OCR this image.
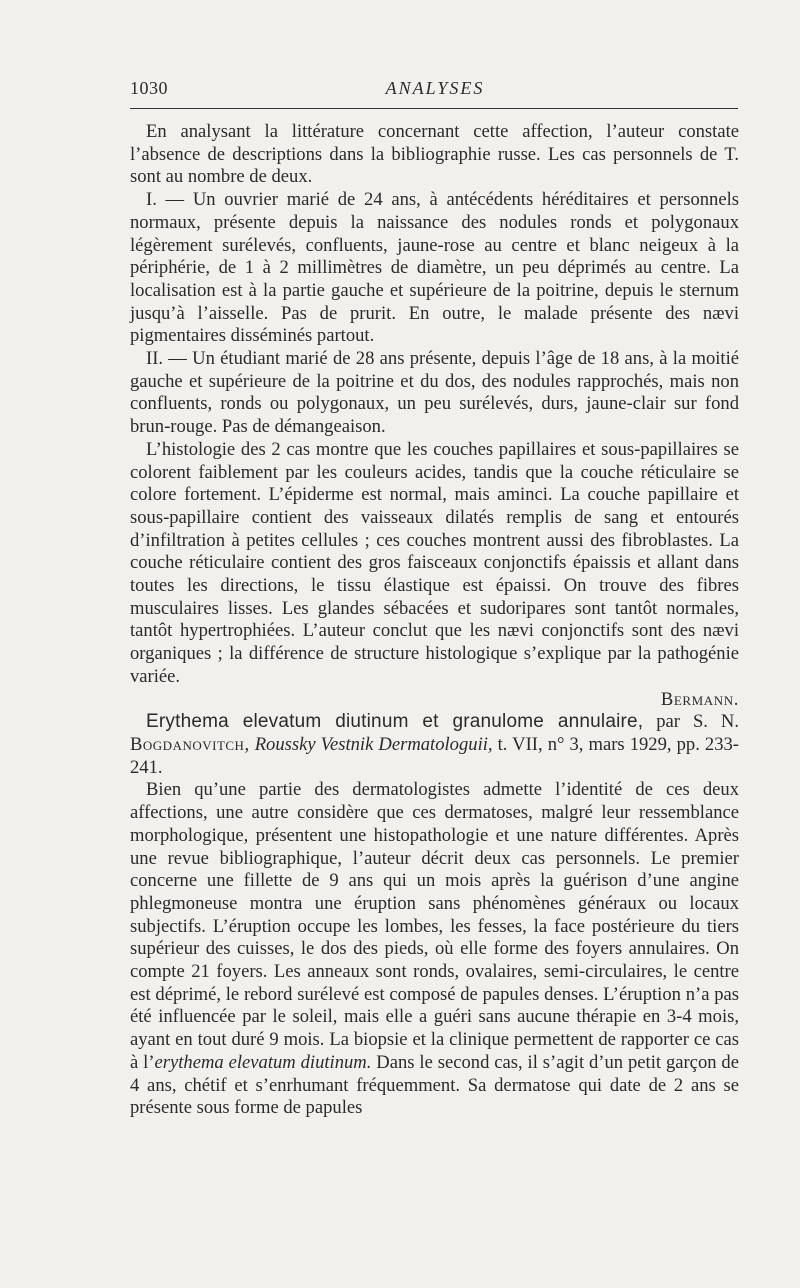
1030	ANALYSES

En analysant la littérature concernant cette affection, l’auteur constate l’absence de descriptions dans la bibliographie russe. Les cas personnels de T. sont au nombre de deux.

I. — Un ouvrier marié de 24 ans, à antécédents héréditaires et personnels normaux, présente depuis la naissance des nodules ronds et polygonaux légèrement surélevés, confluents, jaune-rose au centre et blanc neigeux à la périphérie, de 1 à 2 millimètres de diamètre, un peu déprimés au centre. La localisation est à la partie gauche et supérieure de la poitrine, depuis le sternum jusqu’à l’aisselle. Pas de prurit. En outre, le malade présente des nævi pigmentaires disséminés partout.

II. — Un étudiant marié de 28 ans présente, depuis l’âge de 18 ans, à la moitié gauche et supérieure de la poitrine et du dos, des nodules rapprochés, mais non confluents, ronds ou polygonaux, un peu surélevés, durs, jaune-clair sur fond brun-rouge. Pas de démangeaison.

L’histologie des 2 cas montre que les couches papillaires et sous-papillaires se colorent faiblement par les couleurs acides, tandis que la couche réticulaire se colore fortement. L’épiderme est normal, mais aminci. La couche papillaire et sous-papillaire contient des vaisseaux dilatés remplis de sang et entourés d’infiltration à petites cellules ; ces couches montrent aussi des fibroblastes. La couche réticulaire contient des gros faisceaux conjonctifs épaissis et allant dans toutes les directions, le tissu élastique est épaissi. On trouve des fibres musculaires lisses. Les glandes sébacées et sudoripares sont tantôt normales, tantôt hypertrophiées. L’auteur conclut que les nævi conjonctifs sont des nævi organiques ; la différence de structure histologique s’explique par la pathogénie variée.

Bermann.

Erythema elevatum diutinum et granulome annulaire, par S. N. Bogdanovitch, Roussky Vestnik Dermatologuii, t. VII, n° 3, mars 1929, pp. 233-241.

Bien qu’une partie des dermatologistes admette l’identité de ces deux affections, une autre considère que ces dermatoses, malgré leur ressemblance morphologique, présentent une histopathologie et une nature différentes. Après une revue bibliographique, l’auteur décrit deux cas personnels. Le premier concerne une fillette de 9 ans qui un mois après la guérison d’une angine phlegmoneuse montra une éruption sans phénomènes généraux ou locaux subjectifs. L’éruption occupe les lombes, les fesses, la face postérieure du tiers supérieur des cuisses, le dos des pieds, où elle forme des foyers annulaires. On compte 21 foyers. Les anneaux sont ronds, ovalaires, semi-circulaires, le centre est déprimé, le rebord surélevé est composé de papules denses. L’éruption n’a pas été influencée par le soleil, mais elle a guéri sans aucune thérapie en 3-4 mois, ayant en tout duré 9 mois. La biopsie et la clinique permettent de rapporter ce cas à l’erythema elevatum diutinum. Dans le second cas, il s’agit d’un petit garçon de 4 ans, chétif et s’enrhumant fréquemment. Sa dermatose qui date de 2 ans se présente sous forme de papules
